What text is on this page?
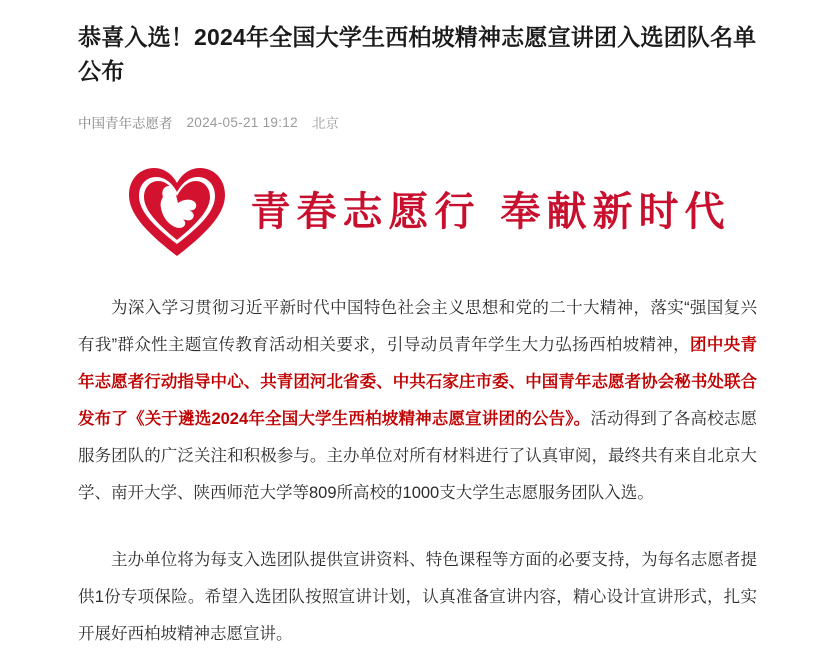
恭喜入选！2024年全国大学生西柏坡精神志愿宣讲团入选团队名单公布
中国青年志愿者 2024-05-21 19:12 北京
青春志愿行 奉献新时代

为深入学习贯彻习近平新时代中国特色社会主义思想和党的二十大精神，落实“强国复兴有我”群众性主题宣传教育活动相关要求，引导动员青年学生大力弘扬西柏坡精神，团中央青年志愿者行动指导中心、共青团河北省委、中共石家庄市委、中国青年志愿者协会秘书处联合发布了《关于遴选2024年全国大学生西柏坡精神志愿宣讲团的公告》。活动得到了各高校志愿服务团队的广泛关注和积极参与。主办单位对所有材料进行了认真审阅，最终共有来自北京大学、南开大学、陕西师范大学等809所高校的1000支大学生志愿服务团队入选。

主办单位将为每支入选团队提供宣讲资料、特色课程等方面的必要支持，为每名志愿者提供1份专项保险。希望入选团队按照宣讲计划，认真准备宣讲内容，精心设计宣讲形式，扎实开展好西柏坡精神志愿宣讲。
